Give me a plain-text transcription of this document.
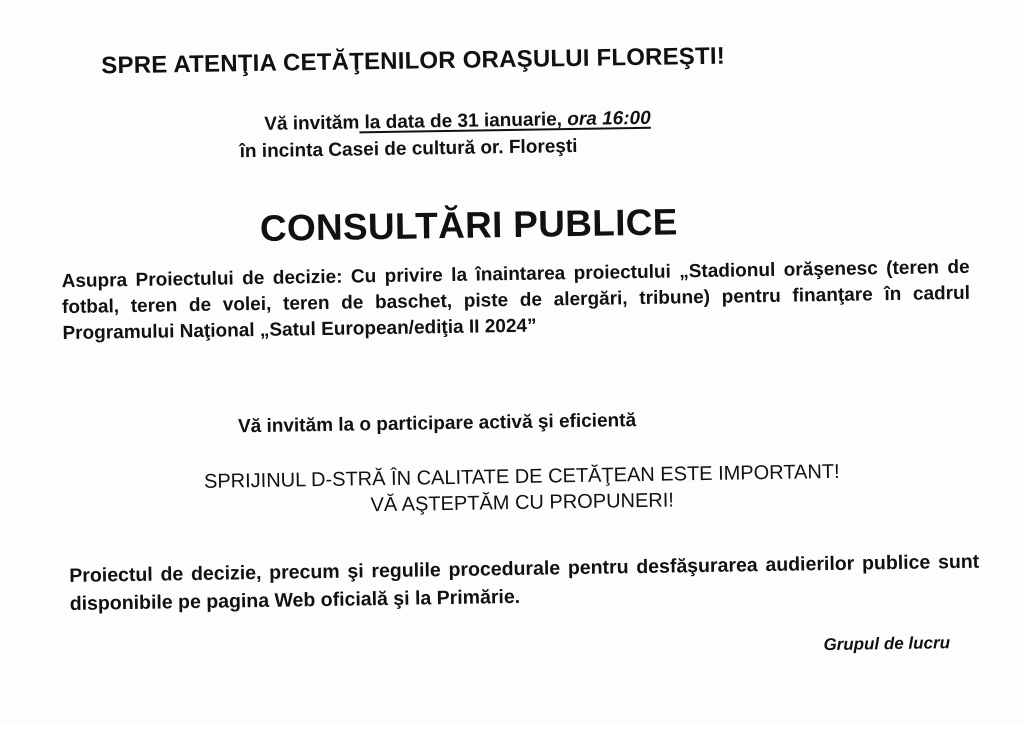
SPRE ATENŢIA CETĂŢENILOR ORAŞULUI FLOREŞTI!
Vă invităm la data de 31 ianuarie, ora 16:00
în incinta Casei de cultură or. Floreşti
CONSULTĂRI PUBLICE
Asupra Proiectului de decizie: Cu privire la înaintarea proiectului „Stadionul orăşenesc (teren de fotbal, teren de volei, teren de baschet, piste de alergări, tribune) pentru finanţare în cadrul Programului Naţional „Satul European/ediţia II 2024”
Vă invităm la o participare activă şi eficientă
SPRIJINUL D-STRĂ ÎN CALITATE DE CETĂŢEAN ESTE IMPORTANT!
VĂ AŞTEPTĂM CU PROPUNERI!
Proiectul de decizie, precum şi regulile procedurale pentru desfăşurarea audierilor publice sunt disponibile pe pagina Web oficială şi la Primărie.
Grupul de lucru
